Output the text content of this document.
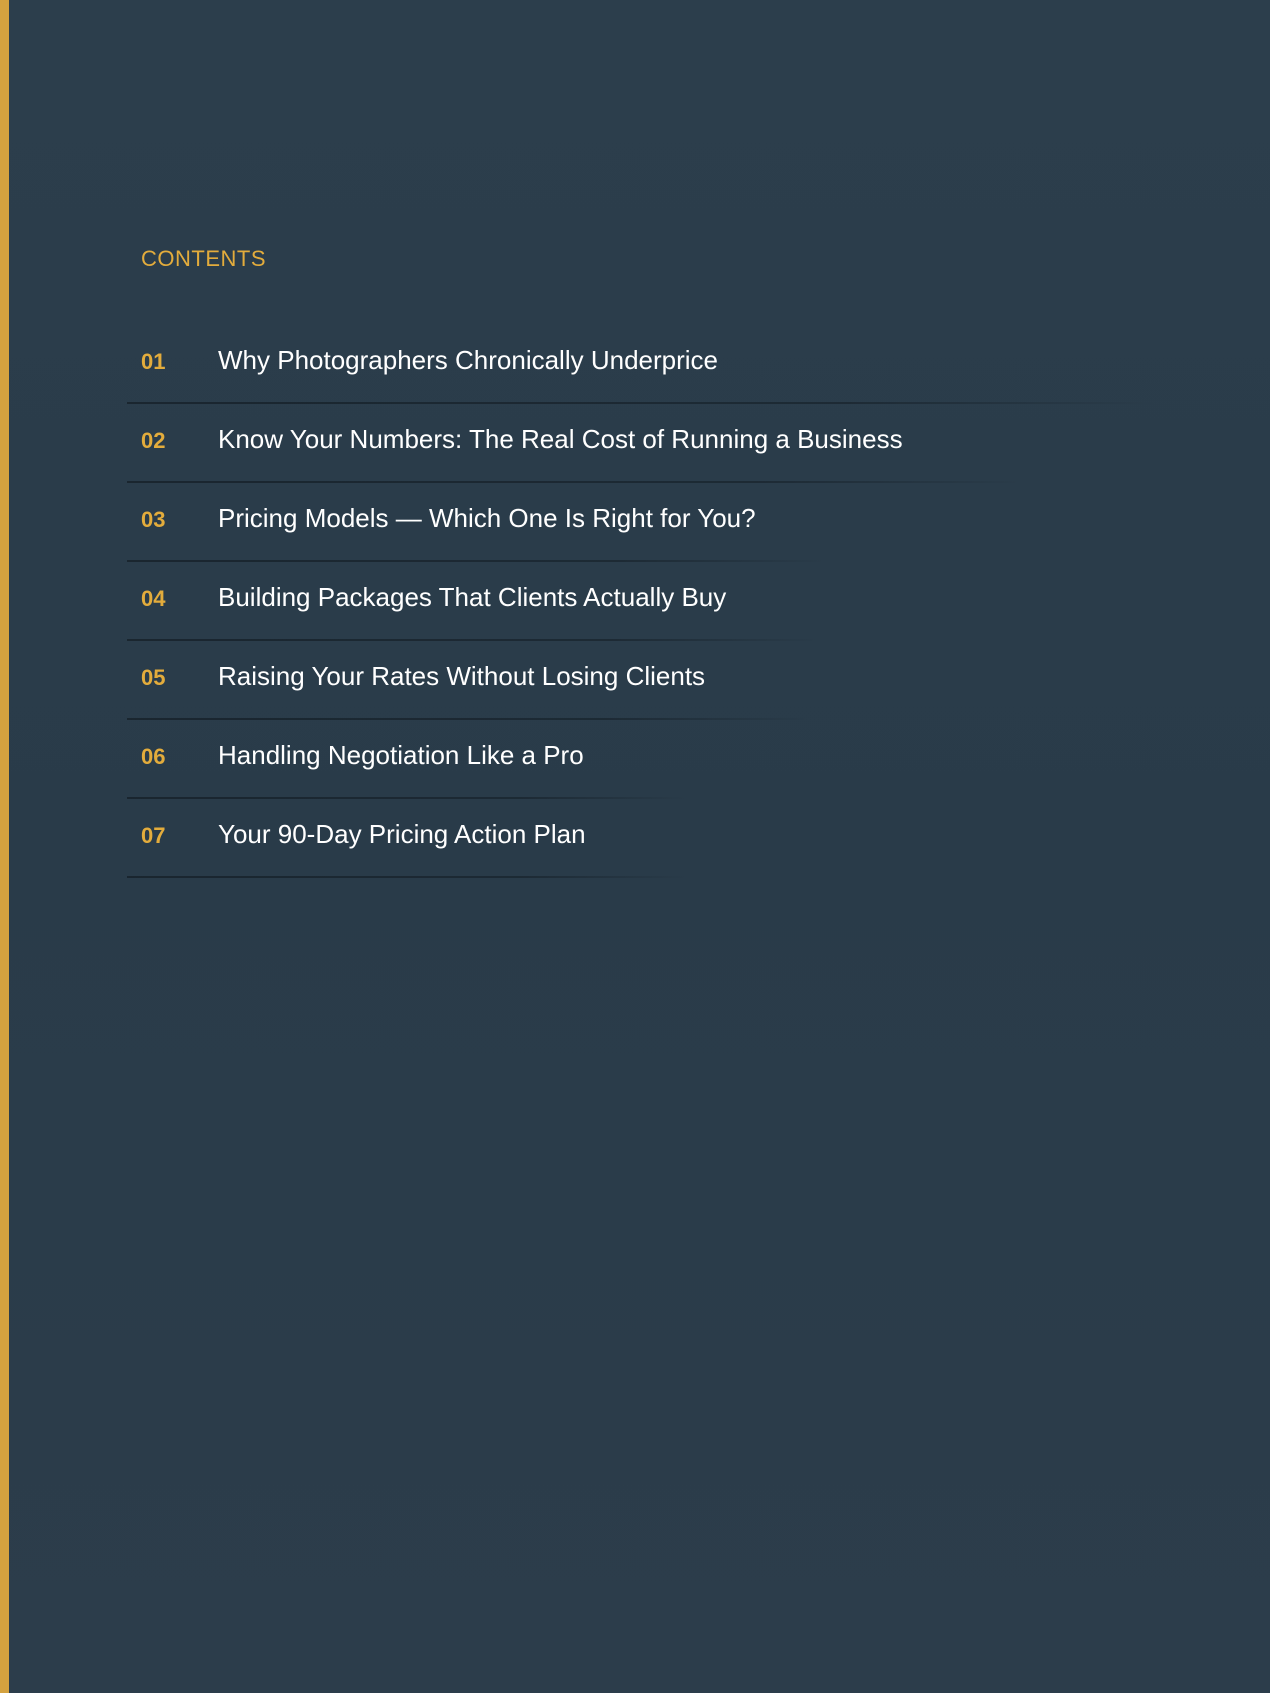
CONTENTS
01 Why Photographers Chronically Underprice
02 Know Your Numbers: The Real Cost of Running a Business
03 Pricing Models — Which One Is Right for You?
04 Building Packages That Clients Actually Buy
05 Raising Your Rates Without Losing Clients
06 Handling Negotiation Like a Pro
07 Your 90-Day Pricing Action Plan
